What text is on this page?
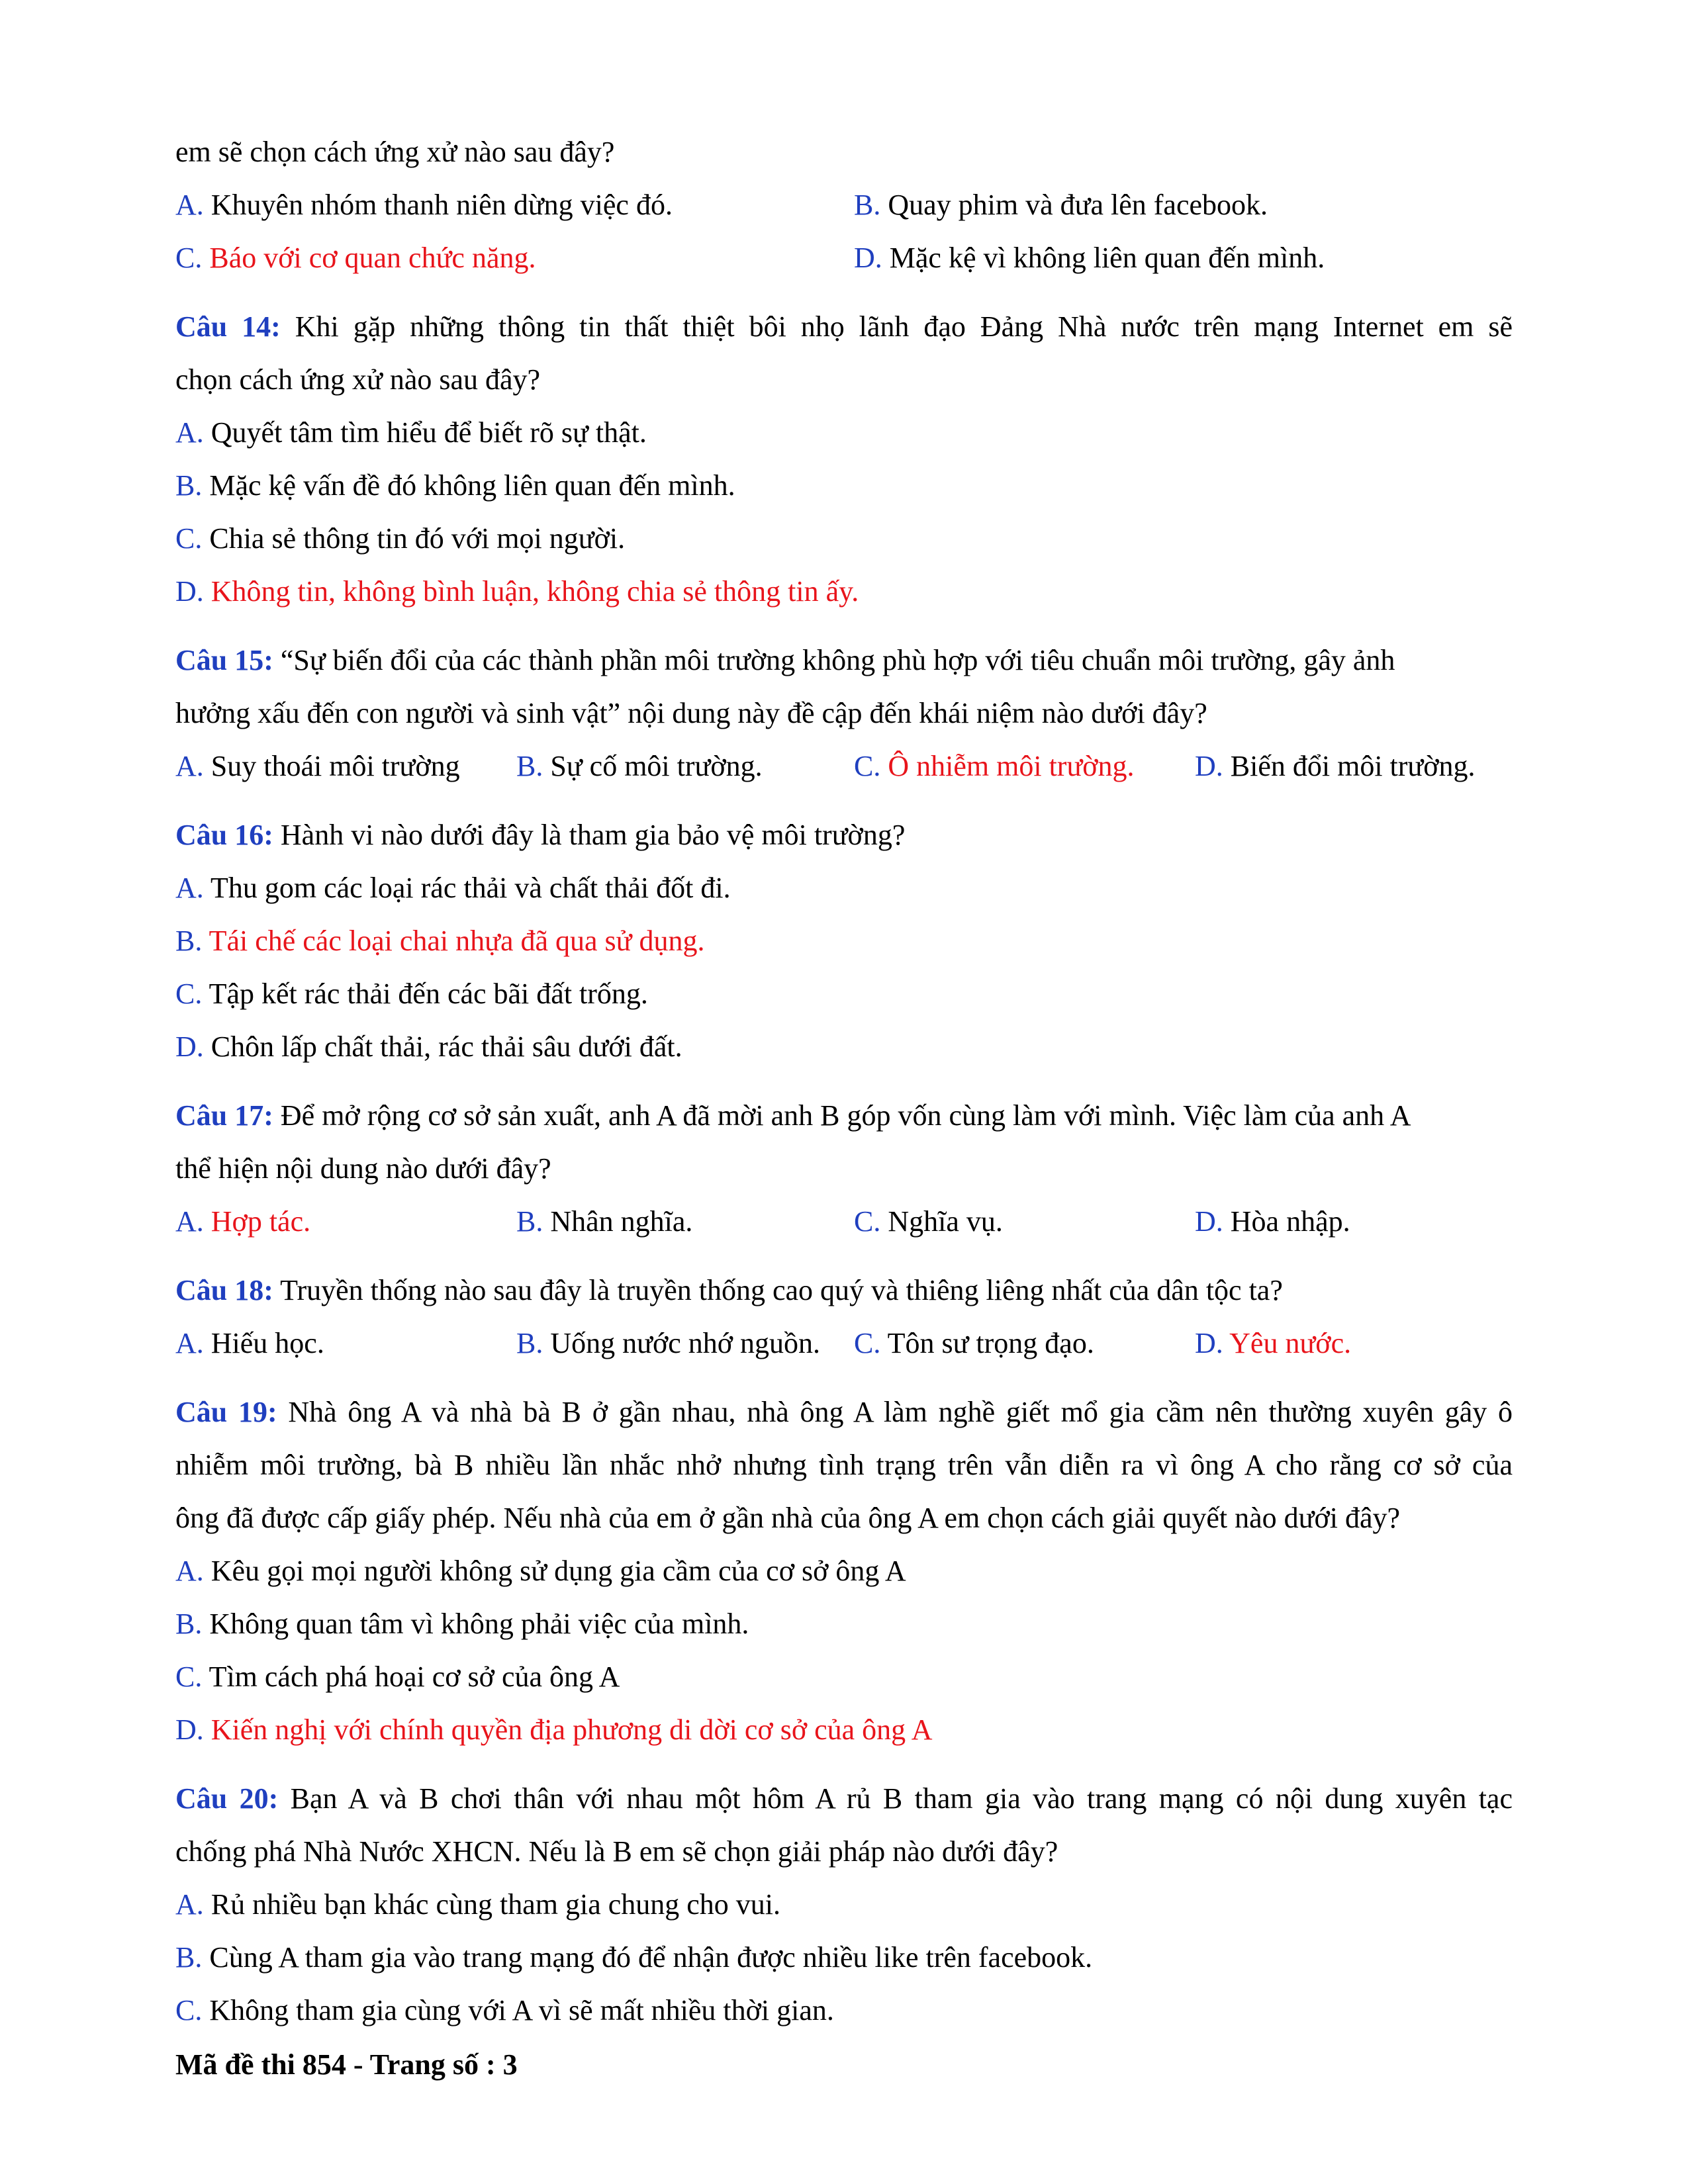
em sẽ chọn cách ứng xử nào sau đây?
A. Khuyên nhóm thanh niên dừng việc đó.	B. Quay phim và đưa lên facebook.
C. Báo với cơ quan chức năng.	D. Mặc kệ vì không liên quan đến mình.
Câu 14: Khi gặp những thông tin thất thiệt bôi nhọ lãnh đạo Đảng Nhà nước trên mạng Internet em sẽ
chọn cách ứng xử nào sau đây?
A. Quyết tâm tìm hiểu để biết rõ sự thật.
B. Mặc kệ vấn đề đó không liên quan đến mình.
C. Chia sẻ thông tin đó với mọi người.
D. Không tin, không bình luận, không chia sẻ thông tin ấy.
Câu 15: “Sự biến đổi của các thành phần môi trường không phù hợp với tiêu chuẩn môi trường, gây ảnh
hưởng xấu đến con người và sinh vật” nội dung này đề cập đến khái niệm nào dưới đây?
A. Suy thoái môi trường B. Sự cố môi trường.	C. Ô nhiễm môi trường. D. Biến đổi môi trường.
Câu 16: Hành vi nào dưới đây là tham gia bảo vệ môi trường?
A. Thu gom các loại rác thải và chất thải đốt đi.
B. Tái chế các loại chai nhựa đã qua sử dụng.
C. Tập kết rác thải đến các bãi đất trống.
D. Chôn lấp chất thải, rác thải sâu dưới đất.
Câu 17: Để mở rộng cơ sở sản xuất, anh A đã mời anh B góp vốn cùng làm với mình. Việc làm của anh A
thể hiện nội dung nào dưới đây?
A. Hợp tác.	B. Nhân nghĩa.	C. Nghĩa vụ.	D. Hòa nhập.
Câu 18: Truyền thống nào sau đây là truyền thống cao quý và thiêng liêng nhất của dân tộc ta?
A. Hiếu học.	B. Uống nước nhớ nguồn. C. Tôn sư trọng đạo.	D. Yêu nước.
Câu 19: Nhà ông A và nhà bà B ở gần nhau, nhà ông A làm nghề giết mổ gia cầm nên thường xuyên gây ô
nhiễm môi trường, bà B nhiều lần nhắc nhở nhưng tình trạng trên vẫn diễn ra vì ông A cho rằng cơ sở của
ông đã được cấp giấy phép. Nếu nhà của em ở gần nhà của ông A em chọn cách giải quyết nào dưới đây?
A. Kêu gọi mọi người không sử dụng gia cầm của cơ sở ông A
B. Không quan tâm vì không phải việc của mình.
C. Tìm cách phá hoại cơ sở của ông A
D. Kiến nghị với chính quyền địa phương di dời cơ sở của ông A
Câu 20: Bạn A và B chơi thân với nhau một hôm A rủ B tham gia vào trang mạng có nội dung xuyên tạc
chống phá Nhà Nước XHCN. Nếu là B em sẽ chọn giải pháp nào dưới đây?
A. Rủ nhiều bạn khác cùng tham gia chung cho vui.
B. Cùng A tham gia vào trang mạng đó để nhận được nhiều like trên facebook.
C. Không tham gia cùng với A vì sẽ mất nhiều thời gian.
Mã đề thi 854 - Trang số : 3
